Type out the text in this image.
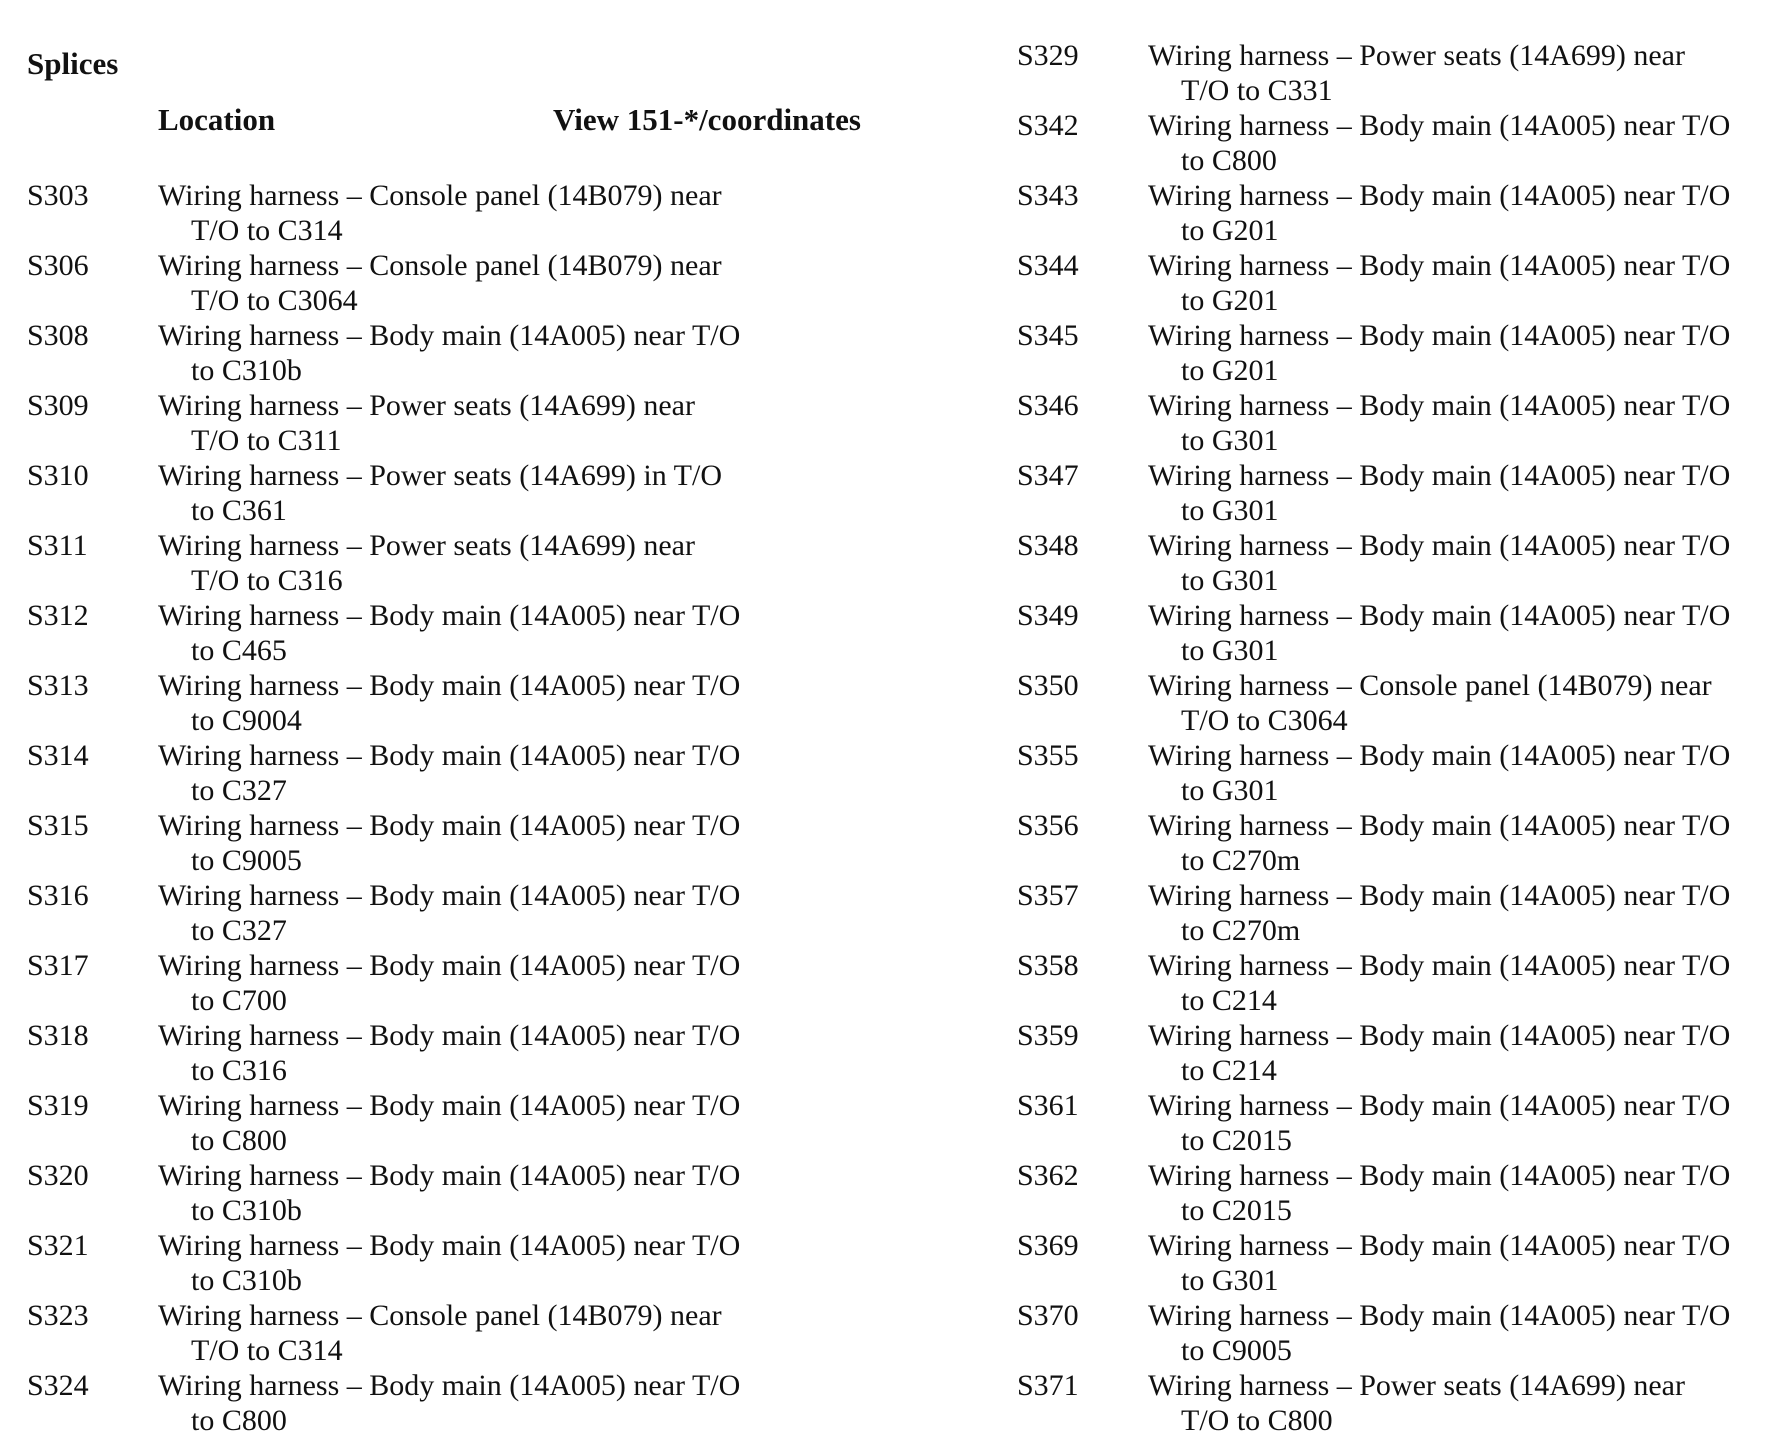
Splices
Location	View 151-*/coordinates
S303 Wiring harness – Console panel (14B079) near
T/O to C314
S306 Wiring harness – Console panel (14B079) near
T/O to C3064
S308 Wiring harness – Body main (14A005) near T/O
to C310b
S309 Wiring harness – Power seats (14A699) near
T/O to C311
S310 Wiring harness – Power seats (14A699) in T/O
to C361
S311 Wiring harness – Power seats (14A699) near
T/O to C316
S312 Wiring harness – Body main (14A005) near T/O
to C465
S313 Wiring harness – Body main (14A005) near T/O
to C9004
S314 Wiring harness – Body main (14A005) near T/O
to C327
S315 Wiring harness – Body main (14A005) near T/O
to C9005
S316 Wiring harness – Body main (14A005) near T/O
to C327
S317 Wiring harness – Body main (14A005) near T/O
to C700
S318 Wiring harness – Body main (14A005) near T/O
to C316
S319 Wiring harness – Body main (14A005) near T/O
to C800
S320 Wiring harness – Body main (14A005) near T/O
to C310b
S321 Wiring harness – Body main (14A005) near T/O
to C310b
S323 Wiring harness – Console panel (14B079) near
T/O to C314
S324 Wiring harness – Body main (14A005) near T/O
to C800
S329 Wiring harness – Power seats (14A699) near
T/O to C331
S342 Wiring harness – Body main (14A005) near T/O
to C800
S343 Wiring harness – Body main (14A005) near T/O
to G201
S344 Wiring harness – Body main (14A005) near T/O
to G201
S345 Wiring harness – Body main (14A005) near T/O
to G201
S346 Wiring harness – Body main (14A005) near T/O
to G301
S347 Wiring harness – Body main (14A005) near T/O
to G301
S348 Wiring harness – Body main (14A005) near T/O
to G301
S349 Wiring harness – Body main (14A005) near T/O
to G301
S350 Wiring harness – Console panel (14B079) near
T/O to C3064
S355 Wiring harness – Body main (14A005) near T/O
to G301
S356 Wiring harness – Body main (14A005) near T/O
to C270m
S357 Wiring harness – Body main (14A005) near T/O
to C270m
S358 Wiring harness – Body main (14A005) near T/O
to C214
S359 Wiring harness – Body main (14A005) near T/O
to C214
S361 Wiring harness – Body main (14A005) near T/O
to C2015
S362 Wiring harness – Body main (14A005) near T/O
to C2015
S369 Wiring harness – Body main (14A005) near T/O
to G301
S370 Wiring harness – Body main (14A005) near T/O
to C9005
S371 Wiring harness – Power seats (14A699) near
T/O to C800
